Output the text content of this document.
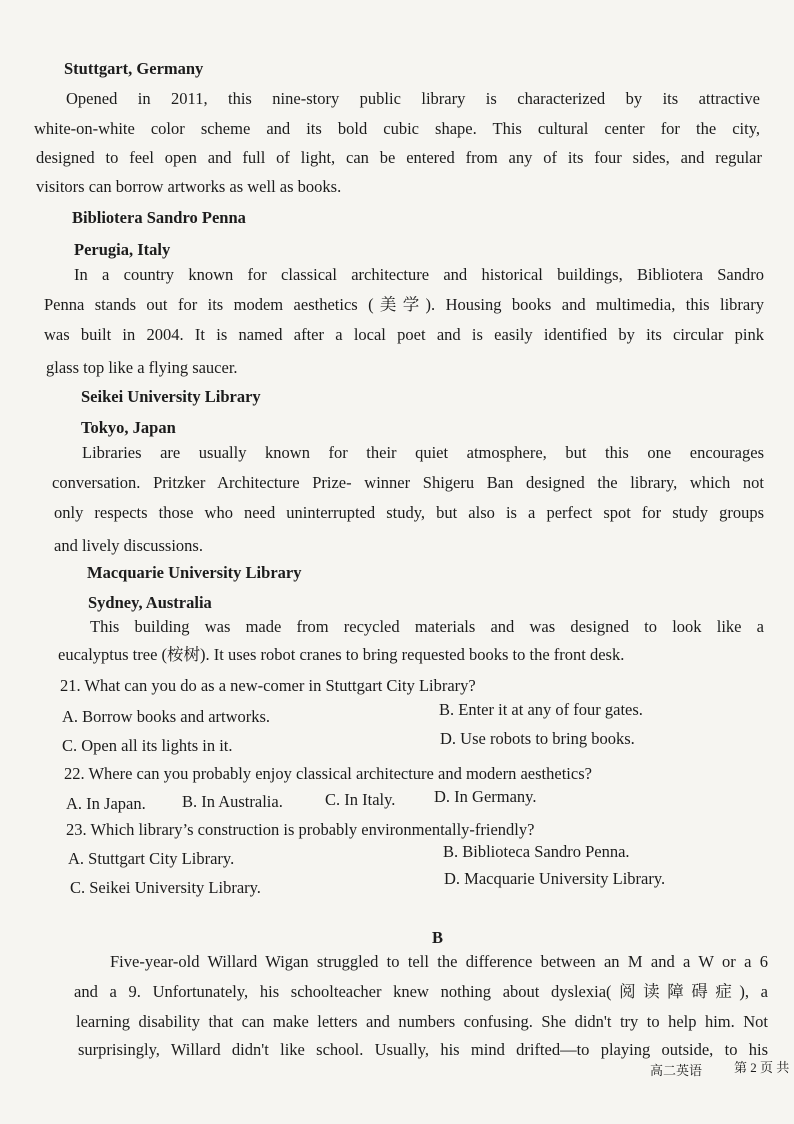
Stuttgart, Germany
Opened in 2011, this nine-story public library is characterized by its attractive
white-on-white color scheme and its bold cubic shape. This cultural center for the city,
designed to feel open and full of light, can be entered from any of its four sides, and regular
visitors can borrow artworks as well as books.
Bibliotera Sandro Penna
Perugia, Italy
In a country known for classical architecture and historical buildings, Bibliotera Sandro
Penna stands out for its modem aesthetics (美学). Housing books and multimedia, this library
was built in 2004. It is named after a local poet and is easily identified by its circular pink
glass top like a flying saucer.
Seikei University Library
Tokyo, Japan
Libraries are usually known for their quiet atmosphere, but this one encourages
conversation. Pritzker Architecture Prize- winner Shigeru Ban designed the library, which not
only respects those who need uninterrupted study, but also is a perfect spot for study groups
and lively discussions.
Macquarie University Library
Sydney, Australia
This building was made from recycled materials and was designed to look like a
eucalyptus tree (桉树). It uses robot cranes to bring requested books to the front desk.
21. What can you do as a new-comer in Stuttgart City Library?
A. Borrow books and artworks.	B. Enter it at any of four gates.
C. Open all its lights in it.	D. Use robots to bring books.
22. Where can you probably enjoy classical architecture and modern aesthetics?
A. In Japan. B. In Australia.	C. In Italy. D. In Germany.
23. Which library’s construction is probably environmentally-friendly?
A. Stuttgart City Library.	B. Biblioteca Sandro Penna.
C. Seikei University Library.	D. Macquarie University Library.
B
Five-year-old Willard Wigan struggled to tell the difference between an M and a W or a 6
and a 9. Unfortunately, his schoolteacher knew nothing about dyslexia(阅读障碍症), a
learning disability that can make letters and numbers confusing. She didn't try to help him. Not
surprisingly, Willard didn't like school. Usually, his mind drifted—to playing outside, to his
高二英语 第 2 页 共
